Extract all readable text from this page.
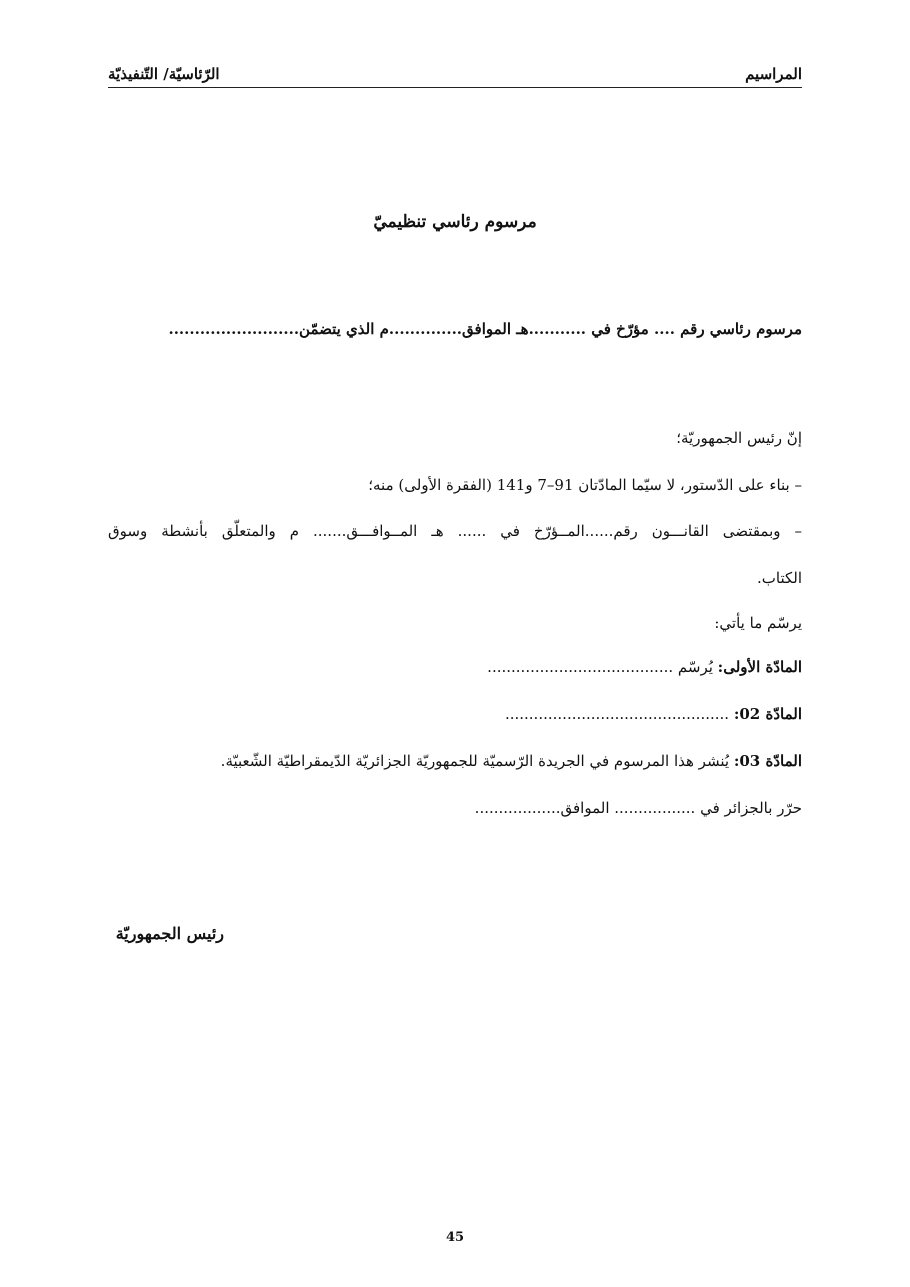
المراسيم
الرّئاسيّة/ التّنفيذيّة
مرسوم رئاسي تنظيميّ
مرسوم رئاسي رقم .... مؤرّخ في ...........هـ الموافق..............م الذي يتضمّن.........................
إنّ رئيس الجمهوريّة؛
– بناء على الدّستور، لا سيّما المادّتان 91–7 و141 (الفقرة الأولى) منه؛
– وبمقتضى القانـــون رقم......المــؤرّخ في ...... هـ المــوافـــق....... م والمتعلّق بأنشطة وسوق
الكتاب.
يرسّم ما يأتي:
المادّة الأولى: يُرسّم .......................................
المادّة 02: ...............................................
المادّة 03: يُنشر هذا المرسوم في الجريدة الرّسميّة للجمهوريّة الجزائريّة الدّيمقراطيّة الشّعبيّة.
حرّر بالجزائر في ................. الموافق..................
رئيس الجمهوريّة
45
